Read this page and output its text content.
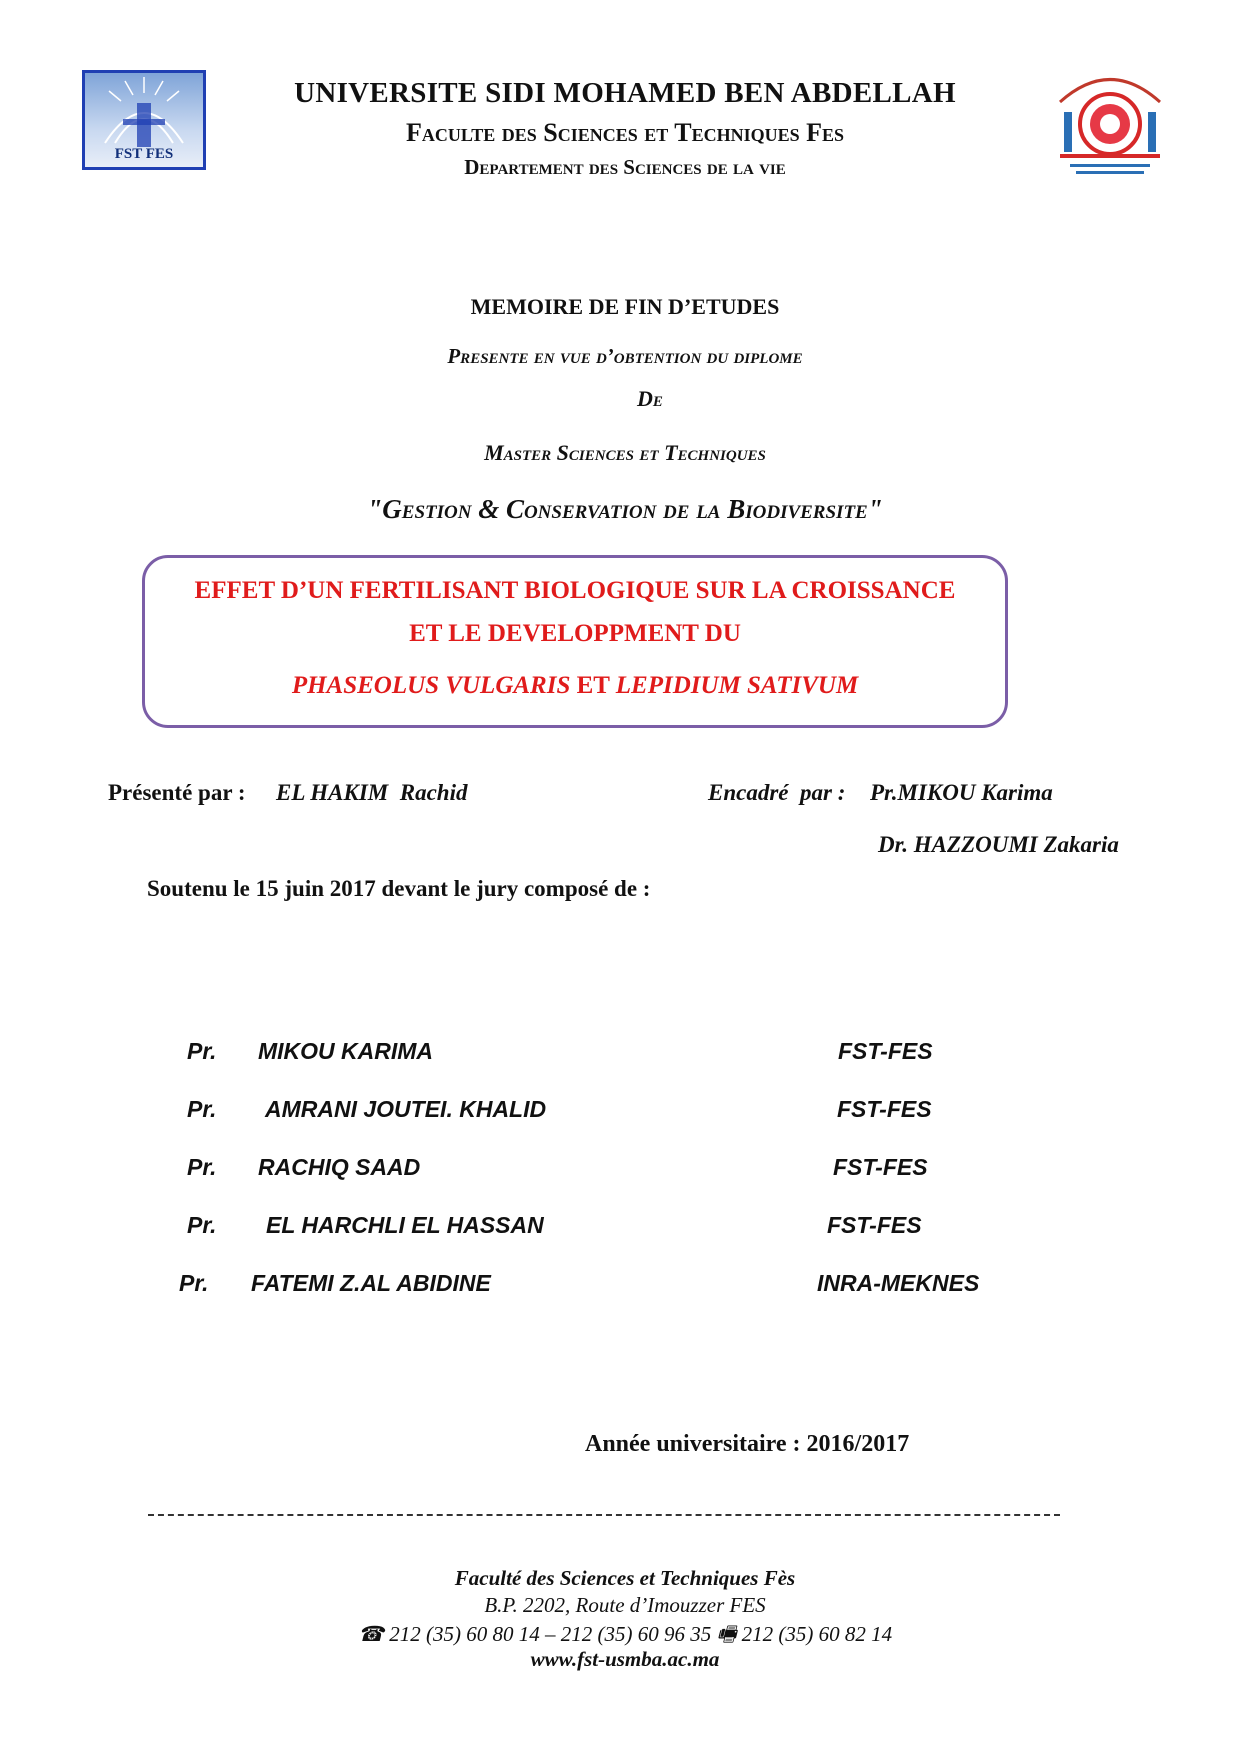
FST FES
UNIVERSITE SIDI MOHAMED BEN ABDELLAH
Faculte des Sciences et Techniques Fes
Departement des Sciences de la vie
MEMOIRE DE FIN D’ETUDES
Presente en vue d’obtention du diplome
De
Master Sciences et Techniques
"Gestion & Conservation de la Biodiversite"
EFFET D’UN FERTILISANT BIOLOGIQUE SUR LA CROISSANCE
ET LE DEVELOPPMENT DU
PHASEOLUS VULGARIS ET LEPIDIUM SATIVUM
Présenté par : EL HAKIM  Rachid	Encadré  par : Pr.MIKOU Karima
Dr. HAZZOUMI Zakaria
Soutenu le 15 juin 2017 devant le jury composé de :
Pr. MIKOU KARIMA	FST-FES
Pr. AMRANI JOUTEI. KHALID	FST-FES
Pr. RACHIQ SAAD	FST-FES
Pr. EL HARCHLI EL HASSAN	FST-FES
Pr. FATEMI Z.AL ABIDINE	INRA-MEKNES
Année universitaire : 2016/2017
Faculté des Sciences et Techniques Fès
B.P. 2202, Route d’Imouzzer FES
☎ 212 (35) 60 80 14 – 212 (35) 60 96 35 🖷 212 (35) 60 82 14
www.fst-usmba.ac.ma
